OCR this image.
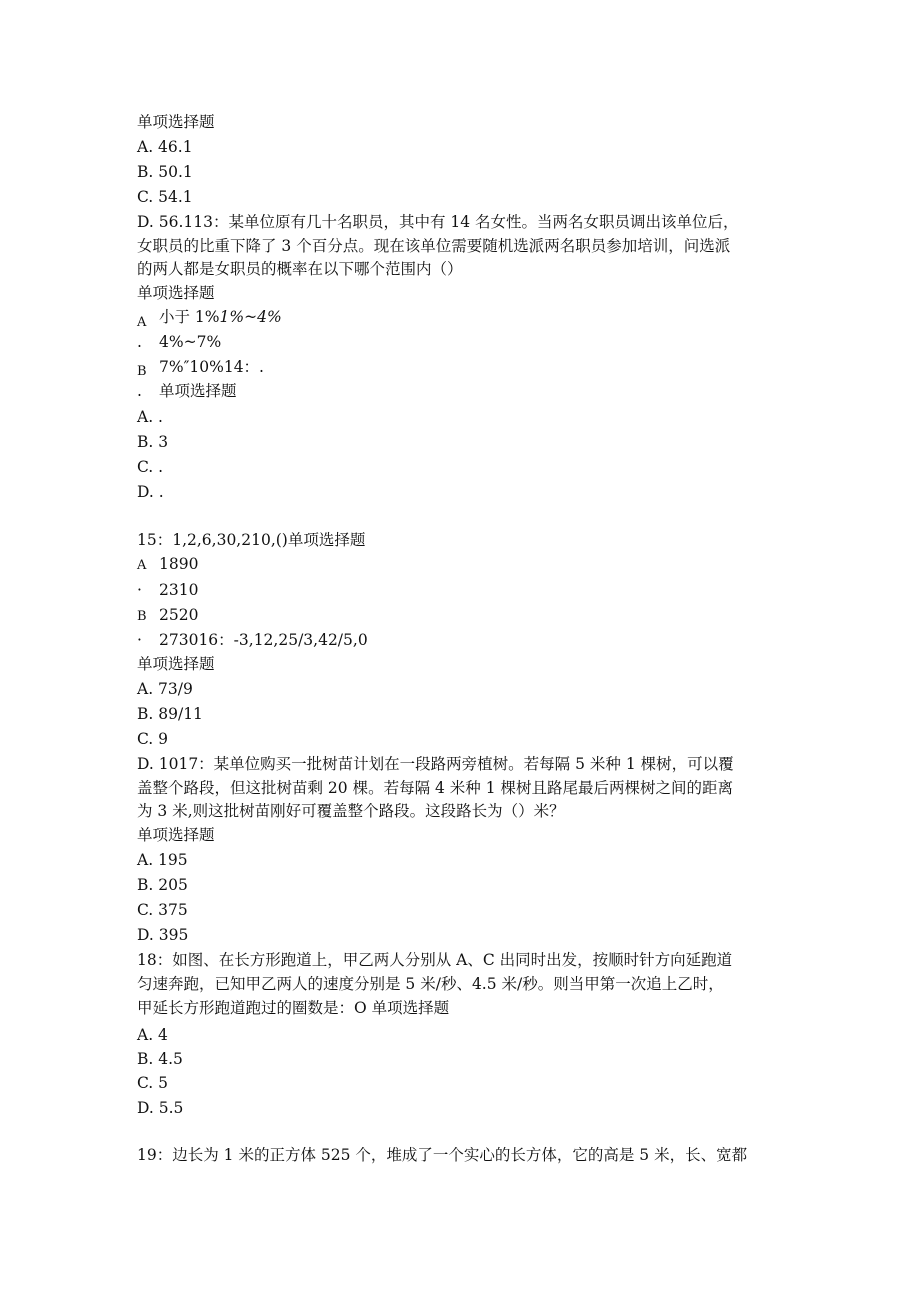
单项选择题

A. 46.1

B. 50.1

C. 54.1

D. 56.113：某单位原有几十名职员，其中有 14 名女性。当两名女职员调出该单位后，

女职员的比重下降了 3 个百分点。现在该单位需要随机选派两名职员参加培训，问选派

的两人都是女职员的概率在以下哪个范围内（）

单项选择题

A 小于 1%1%~4%

. 4%~7%

B 7%″10%14：.

. 单项选择题

A. .

B. 3

C. .

D. .

15：1,2,6,30,210,()单项选择题

A 1890

· 2310

B 2520

· 273016：-3,12,25/3,42/5,0

单项选择题

A. 73/9

B. 89/11

C. 9

D. 1017：某单位购买一批树苗计划在一段路两旁植树。若每隔 5 米种 1 棵树，可以覆

盖整个路段，但这批树苗剩 20 棵。若每隔 4 米种 1 棵树且路尾最后两棵树之间的距离

为 3 米,则这批树苗刚好可覆盖整个路段。这段路长为（）米？

单项选择题

A. 195

B. 205

C. 375

D. 395

18：如图、在长方形跑道上，甲乙两人分别从 A、C 出同时出发，按顺时针方向延跑道

匀速奔跑，已知甲乙两人的速度分别是 5 米/秒、4.5 米/秒。则当甲第一次追上乙时，

甲延长方形跑道跑过的圈数是：O 单项选择题

A. 4

B. 4.5

C. 5

D. 5.5

19：边长为 1 米的正方体 525 个，堆成了一个实心的长方体，它的高是 5 米，长、宽都
